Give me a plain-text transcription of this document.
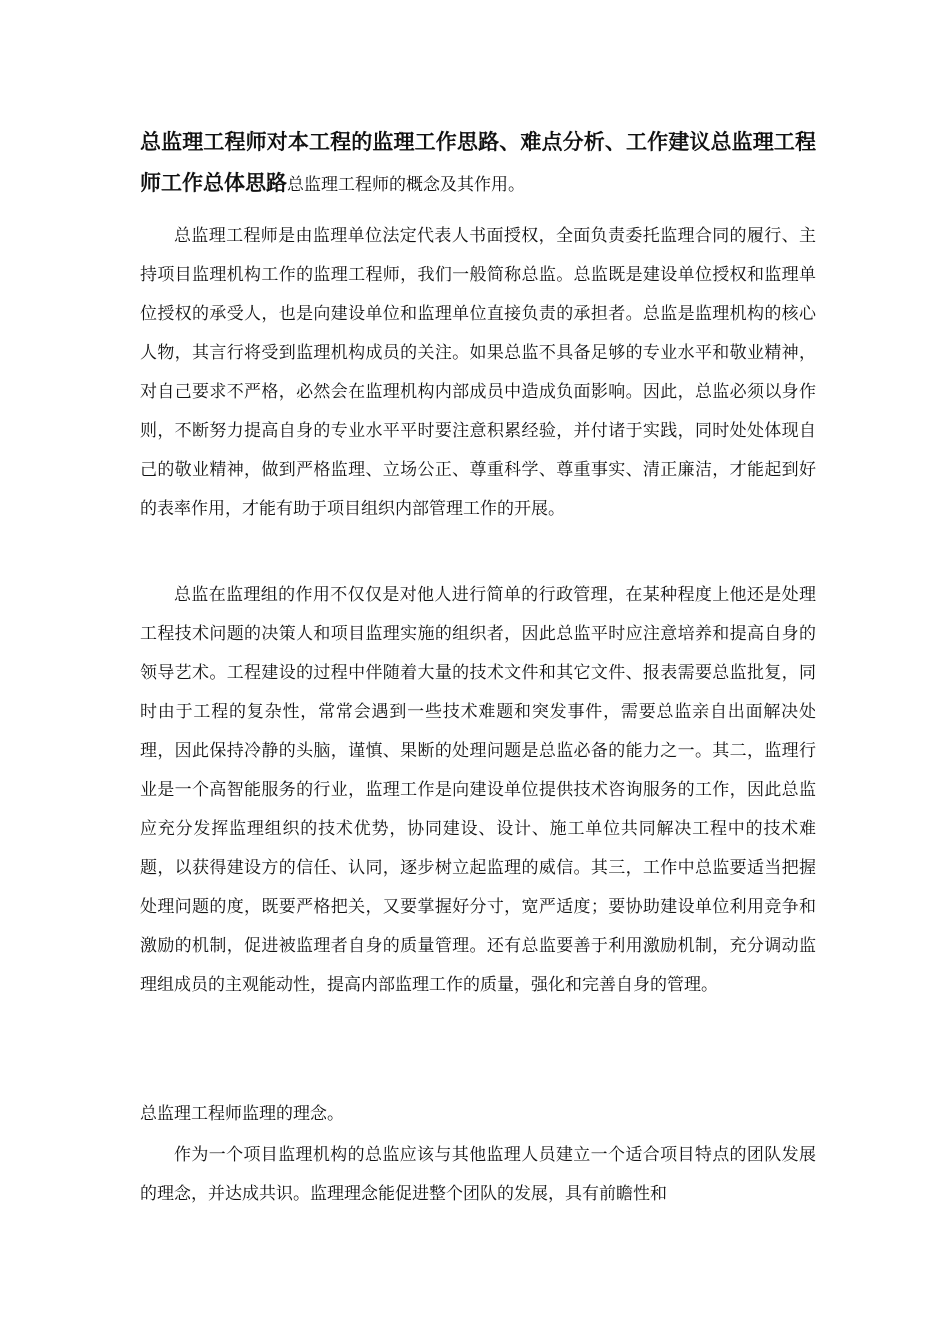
总监理工程师对本工程的监理工作思路、难点分析、工作建议总监理工程师工作总体思路总监理工程师的概念及其作用。

总监理工程师是由监理单位法定代表人书面授权，全面负责委托监理合同的履行、主持项目监理机构工作的监理工程师，我们一般简称总监。总监既是建设单位授权和监理单位授权的承受人，也是向建设单位和监理单位直接负责的承担者。总监是监理机构的核心人物，其言行将受到监理机构成员的关注。如果总监不具备足够的专业水平和敬业精神，对自己要求不严格，必然会在监理机构内部成员中造成负面影响。因此，总监必须以身作则，不断努力提高自身的专业水平平时要注意积累经验，并付诸于实践，同时处处体现自己的敬业精神，做到严格监理、立场公正、尊重科学、尊重事实、清正廉洁，才能起到好的表率作用，才能有助于项目组织内部管理工作的开展。

总监在监理组的作用不仅仅是对他人进行简单的行政管理，在某种程度上他还是处理工程技术问题的决策人和项目监理实施的组织者，因此总监平时应注意培养和提高自身的领导艺术。工程建设的过程中伴随着大量的技术文件和其它文件、报表需要总监批复，同时由于工程的复杂性，常常会遇到一些技术难题和突发事件，需要总监亲自出面解决处理，因此保持冷静的头脑，谨慎、果断的处理问题是总监必备的能力之一。其二，监理行业是一个高智能服务的行业，监理工作是向建设单位提供技术咨询服务的工作，因此总监应充分发挥监理组织的技术优势，协同建设、设计、施工单位共同解决工程中的技术难题，以获得建设方的信任、认同，逐步树立起监理的威信。其三，工作中总监要适当把握处理问题的度，既要严格把关，又要掌握好分寸，宽严适度；要协助建设单位利用竞争和激励的机制，促进被监理者自身的质量管理。还有总监要善于利用激励机制，充分调动监理组成员的主观能动性，提高内部监理工作的质量，强化和完善自身的管理。

总监理工程师监理的理念。

作为一个项目监理机构的总监应该与其他监理人员建立一个适合项目特点的团队发展的理念，并达成共识。监理理念能促进整个团队的发展，具有前瞻性和
